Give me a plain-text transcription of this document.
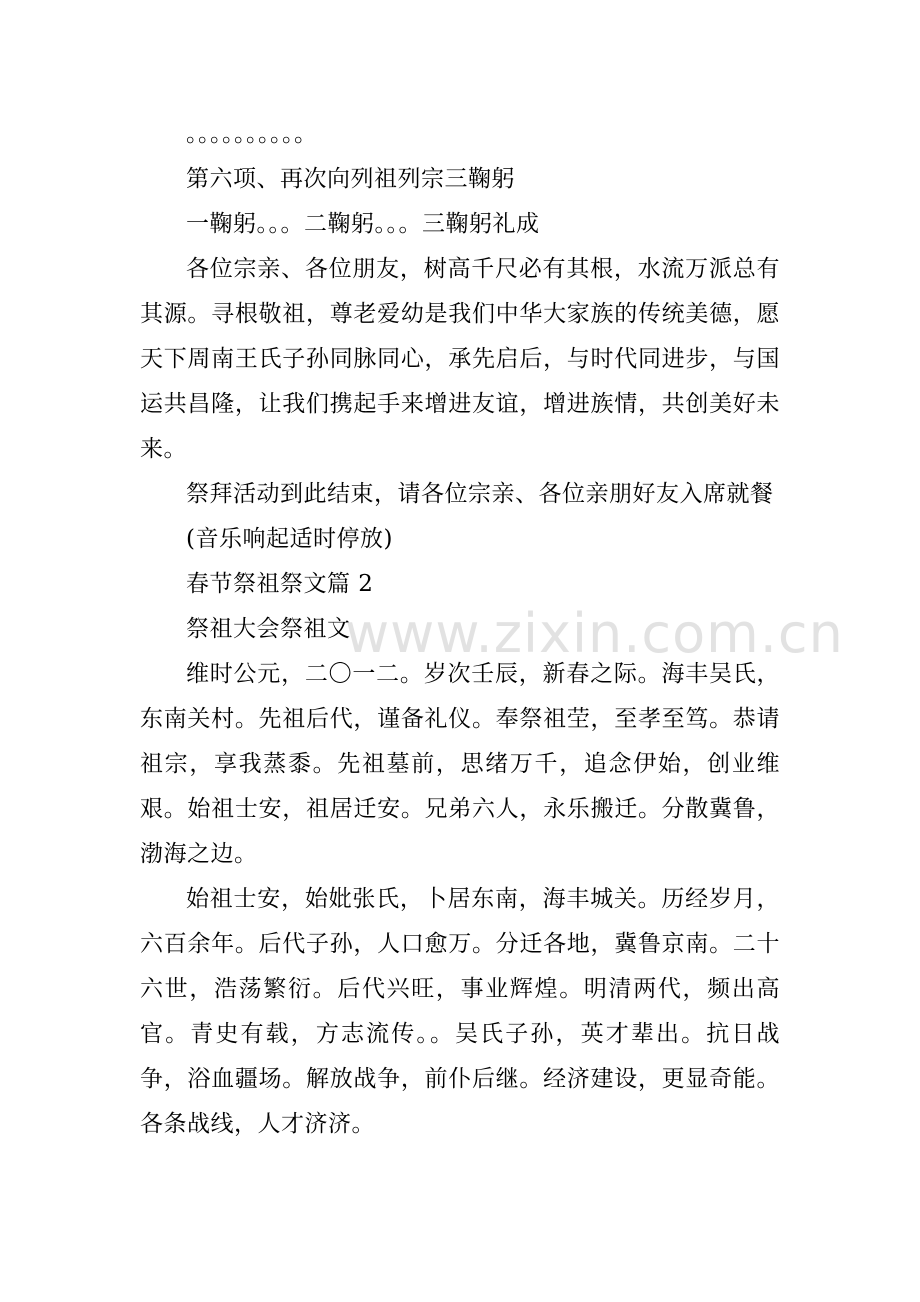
。。。。。。。。。。

第六项、再次向列祖列宗三鞠躬

一鞠躬。。。二鞠躬。。。三鞠躬礼成

各位宗亲、各位朋友，树高千尺必有其根，水流万派总有其源。寻根敬祖，尊老爱幼是我们中华大家族的传统美德，愿天下周南王氏子孙同脉同心，承先启后，与时代同进步，与国运共昌隆，让我们携起手来增进友谊，增进族情，共创美好未来。

祭拜活动到此结束，请各位宗亲、各位亲朋好友入席就餐

(音乐响起适时停放)

春节祭祖祭文篇 2

祭祖大会祭祖文

维时公元，二〇一二。岁次壬辰，新春之际。海丰吴氏，东南关村。先祖后代，谨备礼仪。奉祭祖茔，至孝至笃。恭请祖宗，享我蒸黍。先祖墓前，思绪万千，追念伊始，创业维艰。始祖士安，祖居迁安。兄弟六人，永乐搬迁。分散冀鲁，渤海之边。

始祖士安，始妣张氏，卜居东南，海丰城关。历经岁月，六百余年。后代子孙，人口愈万。分迁各地，冀鲁京南。二十六世，浩荡繁衍。后代兴旺，事业辉煌。明清两代，频出高官。青史有载，方志流传。。吴氏子孙，英才辈出。抗日战争，浴血疆场。解放战争，前仆后继。经济建设，更显奇能。各条战线，人才济济。

www.zixin.com.cn
